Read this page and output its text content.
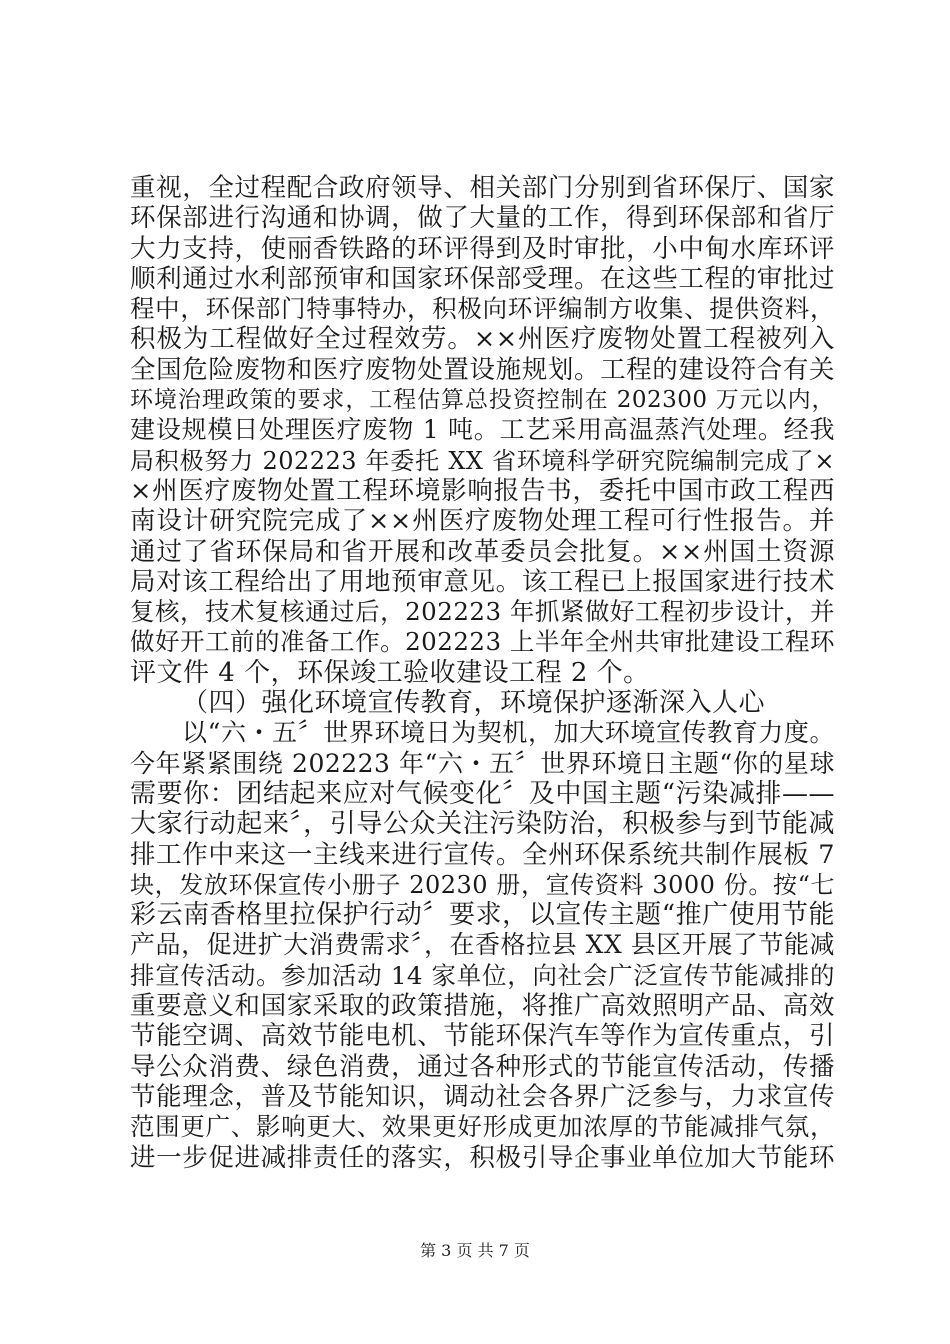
重视，全过程配合政府领导、相关部门分别到省环保厅、国家
环保部进行沟通和协调，做了大量的工作，得到环保部和省厅
大力支持，使丽香铁路的环评得到及时审批，小中甸水库环评
顺利通过水利部预审和国家环保部受理。在这些工程的审批过
程中，环保部门特事特办，积极向环评编制方收集、提供资料，
积极为工程做好全过程效劳。××州医疗废物处置工程被列入
全国危险废物和医疗废物处置设施规划。工程的建设符合有关
环境治理政策的要求，工程估算总投资控制在 202300 万元以内，
建设规模日处理医疗废物 1 吨。工艺采用高温蒸汽处理。经我
局积极努力 202223 年委托 XX 省环境科学研究院编制完成了×
×州医疗废物处置工程环境影响报告书，委托中国市政工程西
南设计研究院完成了××州医疗废物处理工程可行性报告。并
通过了省环保局和省开展和改革委员会批复。××州国土资源
局对该工程给出了用地预审意见。该工程已上报国家进行技术
复核，技术复核通过后，202223 年抓紧做好工程初步设计，并
做好开工前的准备工作。202223 上半年全州共审批建设工程环
评文件 4 个，环保竣工验收建设工程 2 个。
（四）强化环境宣传教育，环境保护逐渐深入人心
以“六・五〞世界环境日为契机，加大环境宣传教育力度。
今年紧紧围绕 202223 年“六・五〞世界环境日主题“你的星球
需要你：团结起来应对气候变化〞及中国主题“污染减排——
大家行动起来〞，引导公众关注污染防治，积极参与到节能减
排工作中来这一主线来进行宣传。全州环保系统共制作展板 7
块，发放环保宣传小册子 20230 册，宣传资料 3000 份。按“七
彩云南香格里拉保护行动〞要求，以宣传主题“推广使用节能
产品，促进扩大消费需求〞，在香格拉县 XX 县区开展了节能减
排宣传活动。参加活动 14 家单位，向社会广泛宣传节能减排的
重要意义和国家采取的政策措施，将推广高效照明产品、高效
节能空调、高效节能电机、节能环保汽车等作为宣传重点，引
导公众消费、绿色消费，通过各种形式的节能宣传活动，传播
节能理念，普及节能知识，调动社会各界广泛参与，力求宣传
范围更广、影响更大、效果更好形成更加浓厚的节能减排气氛，
进一步促进减排责任的落实，积极引导企事业单位加大节能环
第 3 页 共 7 页
